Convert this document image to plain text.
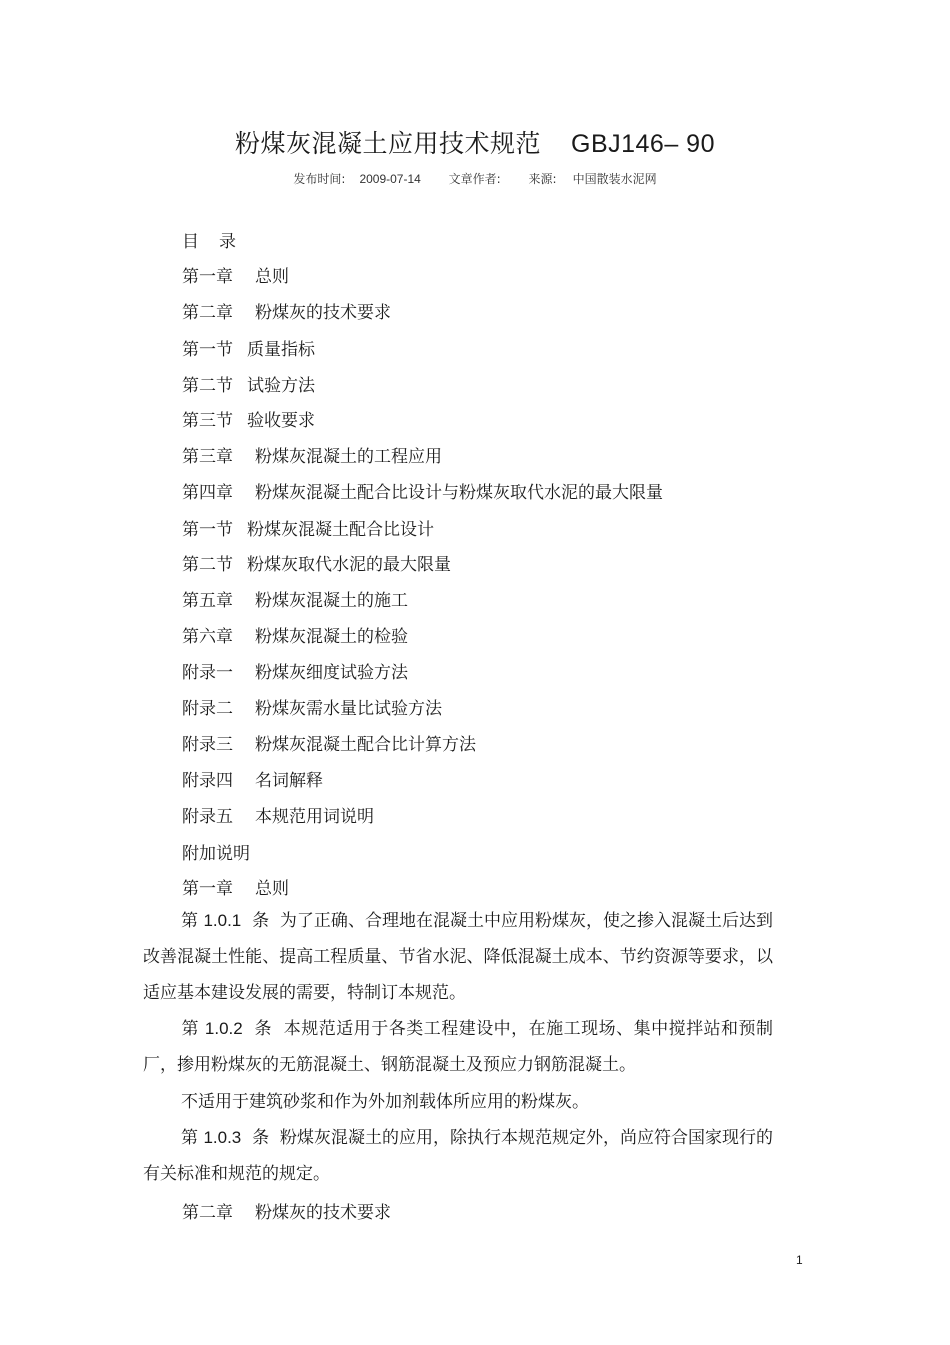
粉煤灰混凝土应用技术规范 GBJ146– 90
发布时间: 2009-07-14 文章作者: 来源: 中国散装水泥网
目录
第一章 总则
第二章 粉煤灰的技术要求
第一节 质量指标
第二节 试验方法
第三节 验收要求
第三章 粉煤灰混凝土的工程应用
第四章 粉煤灰混凝土配合比设计与粉煤灰取代水泥的最大限量
第一节 粉煤灰混凝土配合比设计
第二节 粉煤灰取代水泥的最大限量
第五章 粉煤灰混凝土的施工
第六章 粉煤灰混凝土的检验
附录一 粉煤灰细度试验方法
附录二 粉煤灰需水量比试验方法
附录三 粉煤灰混凝土配合比计算方法
附录四 名词解释
附录五 本规范用词说明
附加说明
第一章 总则
第 1.0.1 条 为了正确、合理地在混凝土中应用粉煤灰，使之掺入混凝土后达到改善混凝土性能、提高工程质量、节省水泥、降低混凝土成本、节约资源等要求，以适应基本建设发展的需要，特制订本规范。
第 1.0.2 条 本规范适用于各类工程建设中，在施工现场、集中搅拌站和预制厂，掺用粉煤灰的无筋混凝土、钢筋混凝土及预应力钢筋混凝土。
不适用于建筑砂浆和作为外加剂载体所应用的粉煤灰。
第 1.0.3 条 粉煤灰混凝土的应用，除执行本规范规定外，尚应符合国家现行的有关标准和规范的规定。
第二章 粉煤灰的技术要求
1
